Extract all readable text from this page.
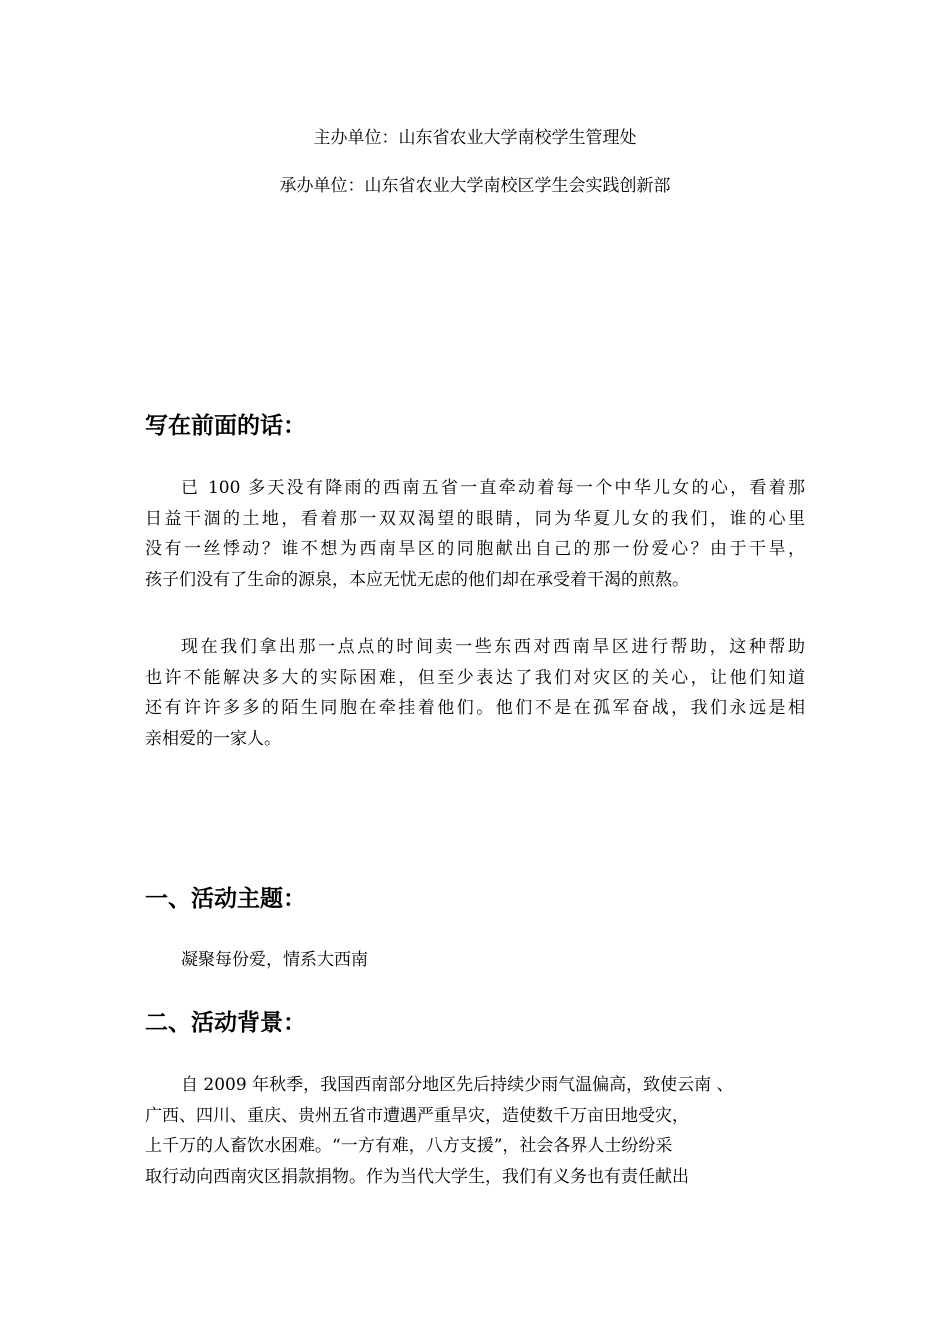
主办单位：山东省农业大学南校学生管理处
承办单位：山东省农业大学南校区学生会实践创新部
写在前面的话：
已 100 多天没有降雨的西南五省一直牵动着每一个中华儿女的心，看着那
日益干涸的土地，看着那一双双渴望的眼睛，同为华夏儿女的我们，谁的心里
没有一丝悸动？谁不想为西南旱区的同胞献出自己的那一份爱心？由于干旱，
孩子们没有了生命的源泉，本应无忧无虑的他们却在承受着干渴的煎熬。
现在我们拿出那一点点的时间卖一些东西对西南旱区进行帮助，这种帮助
也许不能解决多大的实际困难，但至少表达了我们对灾区的关心，让他们知道
还有许许多多的陌生同胞在牵挂着他们。他们不是在孤军奋战，我们永远是相
亲相爱的一家人。
一、活动主题：
凝聚每份爱，情系大西南
二、活动背景：
自 2009 年秋季，我国西南部分地区先后持续少雨气温偏高，致使云南 、
广西、四川、重庆、贵州五省市遭遇严重旱灾，造使数千万亩田地受灾，
上千万的人畜饮水困难。“一方有难，八方支援”，社会各界人士纷纷采
取行动向西南灾区捐款捐物。作为当代大学生，我们有义务也有责任献出
